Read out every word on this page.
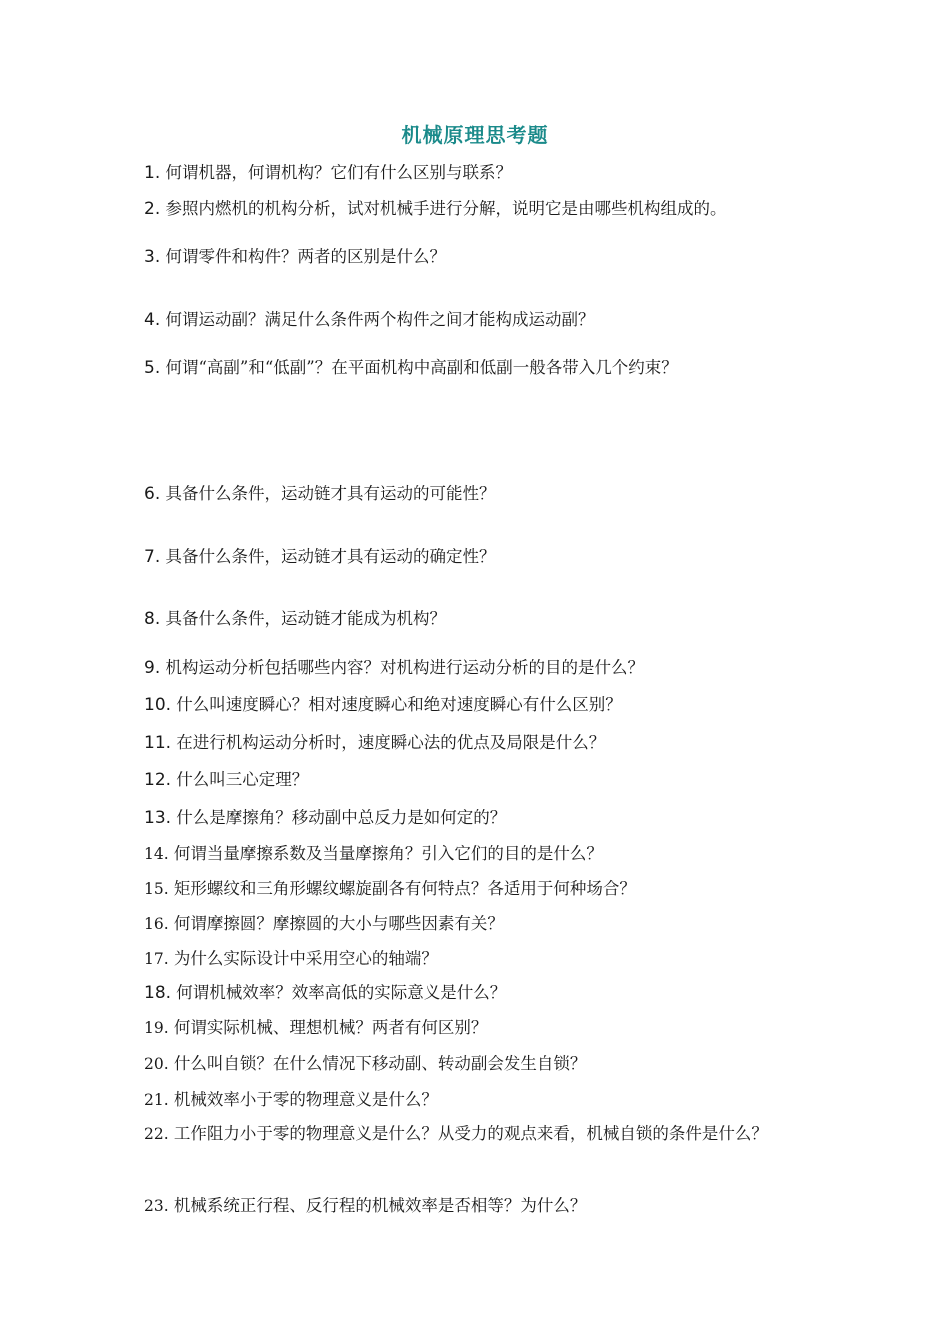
机械原理思考题
1. 何谓机器，何谓机构？它们有什么区别与联系？
2. 参照内燃机的机构分析，试对机械手进行分解，说明它是由哪些机构组成的。
3. 何谓零件和构件？两者的区别是什么？
4. 何谓运动副？满足什么条件两个构件之间才能构成运动副？
5. 何谓“高副”和“低副”？在平面机构中高副和低副一般各带入几个约束？
6. 具备什么条件，运动链才具有运动的可能性？
7. 具备什么条件，运动链才具有运动的确定性？
8. 具备什么条件，运动链才能成为机构？
9. 机构运动分析包括哪些内容？对机构进行运动分析的目的是什么？
10. 什么叫速度瞬心？相对速度瞬心和绝对速度瞬心有什么区别？
11. 在进行机构运动分析时，速度瞬心法的优点及局限是什么？
12. 什么叫三心定理？
13. 什么是摩擦角？移动副中总反力是如何定的？
14. 何谓当量摩擦系数及当量摩擦角？引入它们的目的是什么？
15. 矩形螺纹和三角形螺纹螺旋副各有何特点？各适用于何种场合？
16. 何谓摩擦圆？摩擦圆的大小与哪些因素有关？
17. 为什么实际设计中采用空心的轴端？
18. 何谓机械效率？效率高低的实际意义是什么？
19. 何谓实际机械、理想机械？两者有何区别？
20. 什么叫自锁？在什么情况下移动副、转动副会发生自锁？
21. 机械效率小于零的物理意义是什么？
22. 工作阻力小于零的物理意义是什么？从受力的观点来看，机械自锁的条件是什么？
23. 机械系统正行程、反行程的机械效率是否相等？为什么？
